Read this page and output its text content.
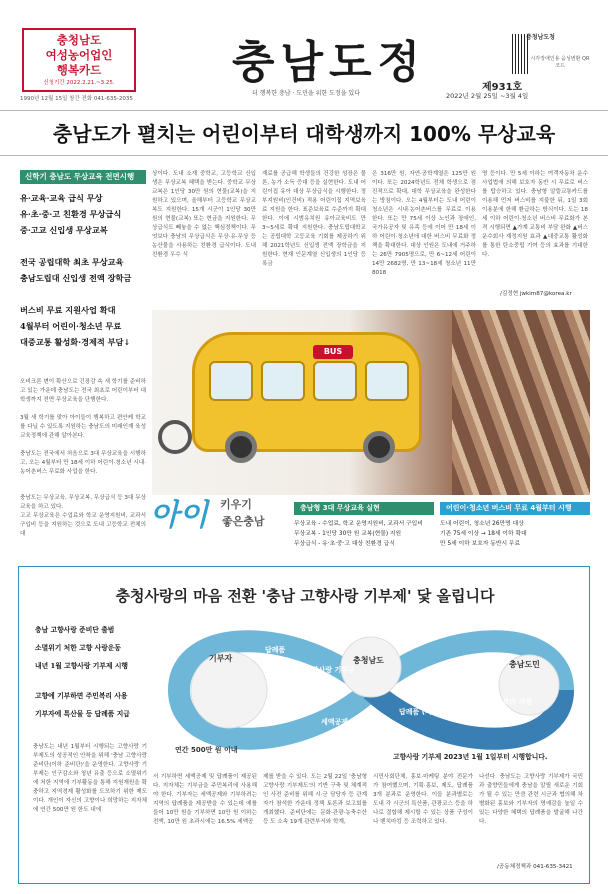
충청남도
여성농어업인
행복카드
신청기간 2022.2.21.~3.25.
1990년 12월 15일 창간 전화 041-635-2035
충남도정
더 행복한 충남 · 도민을 위한 도정을 있다
충청남도청
시각장애인용 음성변환 QR코드
제931호
2022년 2월 25일 ~3월 4일
충남도가 펼치는 어린이부터 대학생까지 100% 무상교육
신학기 충남도 무상교육 전면시행
유·교육·교육 급식 무상
유·초·중·고 친환경 무상급식
중·고교 신입생 무상교복
전국 공립대학 최초 무상교육
충남도립대 신입생 전액 장학금
버스비 무료 지원사업 확대
4월부터 어린이·청소년 무료
대중교통 활성화·경제적 부담↓
오비크론 변이 확산으로 긴장감 속 새 학기를 준비하고 있는 가운데 충남도는 전국 최초로 어린이부터 대학생까지 전면 무상교육을 단행한다.
3월 새 학기를 맞아 아이들이 행복하고 편안케 학교를 다닐 수 있도록 지원하는 충남도의 미래인재 육성 교육정책에 관해 알아본다.
충남도는 전국에서 처음으로 3대 무상교육을 시행하고, 오는 4월부터 만 18세 이하 어린이·청소년 시내·농어촌버스 무료화 사업을 한다.
충남도는 무상교육, 무상교복, 무상급식 등 3대 무상교육을 하고 있다.
고교 무상교육은 수업료와 학교 운영지원비, 교과서 구입비 등을 지원하는 것으로 도내 고등학교 전체의 대
상이다. 도내 소재 중학교, 고등학교 신입생은 무상교복 혜택을 받는다. 중학교 무상교복은 1인당 30만 원의 현물(교복)을 지원하고 있으며, 올해부터 고등학교 무상교복도 지원한다. 15개 시군이 1인당 30만 원의 현물(교복) 또는 현금을 지원한다. 무상급식도 빼놓을 수 없는 핵심정책이다. 무엇보다 충남의 무상급식은 무상·유·무상 등 농산물을 사용하는 친환경 급식이다. 도내 친환경 우수 식
재료를 공급해 학생들의 건강한 성장은 물론, 농가 소득 증대 등을 실현한다. 도내 어린이집 유아 대상 무상급식을 시행한다. 정부지원비(인건비) 적용 어린이집 지역보육료 지원을 한다. 표준보육료 수준까지 확대한다. 이에 시범유치원 유아교육비도 만 3~5세로 확대 지원한다. 충남도립대학교는 공립대학 고등교육 기회를 제공하기 위해 2021학년도 신입생 전액 장학금을 지원한다. 현재 인문계열 신입생의 1인당 등록금
은 316만 원, 자연·공학계열은 125만 원이다. 또는 2024학년도 전체 학생으로 점진적으로 확대, 대학 무상교육을 완성한다는 방침이다. 오는 4월부터는 도내 어린이 청소년은 시내·농어촌버스를 무료로 이용한다. 또는 만 75세 이상 노인과 장애인, 국가유공자 및 유족 등에 이어 만 18세 이하 어린이·청소년에 대한 버스비 무료화 정책을 확대한다. 대상 인원은 도내에 거주하는 26만 7905명으로, 만 6~12세 어린이 14만 2682명, 만 13~18세 청소년 11만 8018
명 등이다. 만 5세 이하는 여객자동차 운수사업법에 의해 보호자 동반 시 무료로 버스를 탑승하고 있다. 충남형 알뜰교통카드를 이용해 먼저 버스비를 지불한 뒤, 1일 3회 이용분에 한해 환급하는 방식이다. 도는 18세 이하 어린이·청소년 버스비 무료화가 본격 시행되면 ▲가계 교통비 부담 완화 ▲버스 운수회사 재정지원 효과 ▲대중교통 활성화를 통한 탄소중립 기여 등의 효과를 기대한다.
/김정현 jwkim87@korea.kr
BUS
아이 키우기
좋은충남
충남형 3대 무상교육 실현
무상교육 - 수업료, 학교 운영지원비, 교과서 구입비
무상교복 - 1인당 30만 원 교복(현물) 지원
무상급식 - 유·초·중·고 대상 친환경 급식
어린이·청소년 버스비 무료 4월부터 시행
도내 어린이, 청소년 26만명 대상
기존 75세 이상 → 18세 이하 확대
만 5세 이하 보호자 동반시 무료
충청사랑의 마음 전환 '충남 고향사랑 기부제' 닻 올립니다
충남 고향사랑 준비단 출범
소멸위기 처한 고향 사랑운동
내년 1월 고향사랑 기부제 시행
고향에 기부하면 주민복리 사용
기부자에 특산물 등 답례품 지급
기부자
답례품
고향사랑 기부금
충청남도
세액공제
답례품 (지역 특산품 등)
주민복리 사업
충남도민
연간 500만 원 이내
고향사랑 기부제 2023년 1월 1일부터 시행합니다.
충남도는 내년 1월부터 시행되는 고향사랑 기부제도의 성공적인 안착을 위해 '충남 고향사랑 준비단(이하 준비단)'을 운영한다. 고향사랑 기부제는 인구감소와 청년 유출 등으로 소멸위기에 처한 지역에 기부활동을 통해 지원재원을 확충하고 지역경제 활성화를 도모하기 위한 제도이다. 개인이 자신의 고향이나 희망하는 지자체에 연간 500만 원 한도 내에
서 기부하면 세액공제 및 답례품이 제공된다. 지자체는 기부금을 주민복리에 사용해야 한다. 기부자는 세액공제와 기부하려는 지역의 답례품을 제공받을 수 있는데 예를 들어 10만 원을 기부하면 10만 원 이하는 전액, 10만 원 초과시에는 16.5% 세액공
제를 받을 수 있다. 도는 2월 22일 '충남형 고향사랑 기부제도'의 기반 구축 및 체계적인 사전 준비를 위해 시·군 담당자 등 관계자가 참석한 가운데 정책 토론과 보고회를 개최했다. 준비단에는 문화·관광·농축수산 등 도 소속 19개 관련부서와 학계,
시민사회단체, 홍보·마케팅 분야 전문가가 참여했으며, 기획·홍보, 제도, 답례품 3개 분과로 운영한다. 이들 분과별로는 도내 각 시군의 특산품, 관광코스 등을 하나로 결합해 제시할 수 있는 상품 구성이나 벤치마킹 등 조력하고 있다.
나선다. 충남도는 고향사랑 기부제가 국민과 출향민들에게 충남을 알릴 새로운 기회가 될 수 있는 만큼 관련 시군과 협의해 차별화된 홍보와 기부자의 명예감을 높일 수 있는 다양한 혜택의 답례품을 발굴해 나간다.
/공동체정책과 041-635-3421
